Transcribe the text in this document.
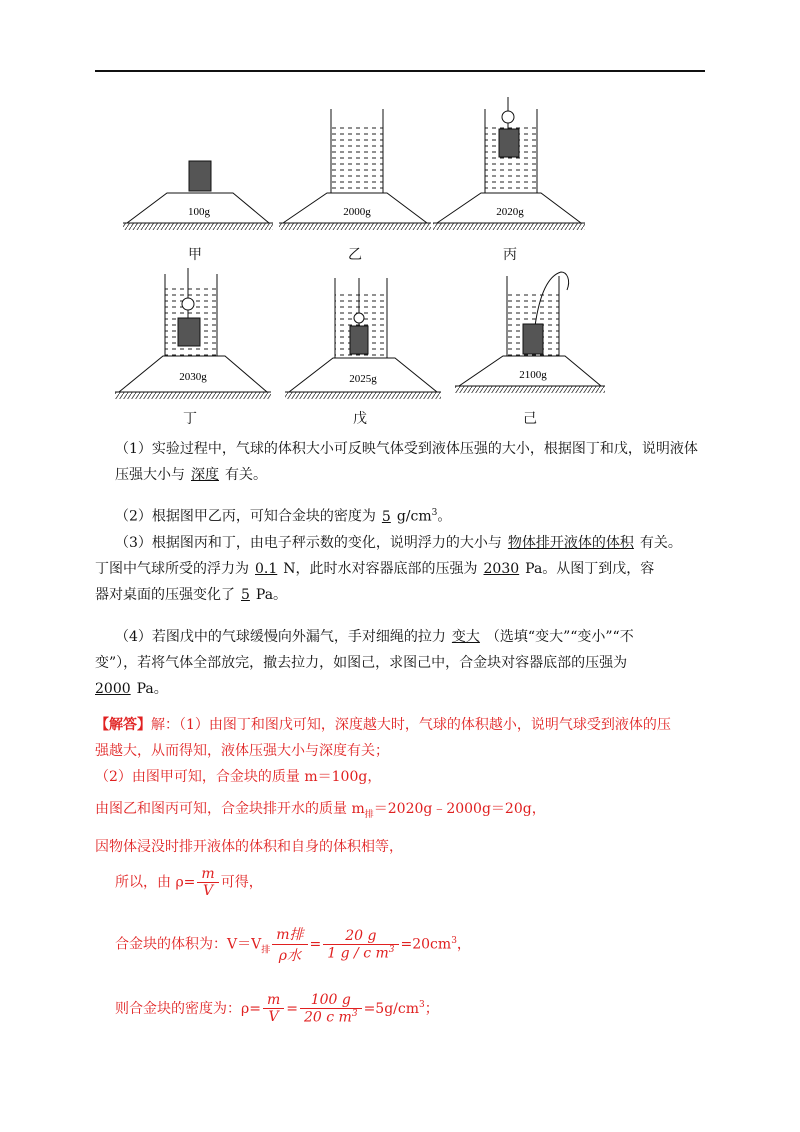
100g	2000g	2020g
甲	乙	丙
2030g	2025g	2100g
丁	戊	己
（1）实验过程中，气球的体积大小可反映气体受到液体压强的大小，根据图丁和戊，说明液体
压强大小与 深度 有关。
（2）根据图甲乙丙，可知合金块的密度为 5 $g/cm^3$。
（3）根据图丙和丁，由电子秤示数的变化，说明浮力的大小与 物体排开液体的体积 有关。
丁图中气球所受的浮力为 0.1 N，此时水对容器底部的压强为 2030 Pa。从图丁到戊，容
器对桌面的压强变化了 5 Pa。
（4）若图戊中的气球缓慢向外漏气，手对细绳的拉力 变大 （选填“变大”“变小”“不
变”），若将气体全部放完，撤去拉力，如图己，求图己中，合金块对容器底部的压强为
2000 Pa。
【解答】解：（1）由图丁和图戊可知，深度越大时，气球的体积越小，说明气球受到液体的压
强越大，从而得知，液体压强大小与深度有关；
（2）由图甲可知，合金块的质量 m＝100g，
由图乙和图丙可知，合金块排开水的质量 $m_排=2020g﹣2000g=20g$，
因物体浸没时排开液体的体积和自身的体积相等，
所以，由 $\rho= \frac{m}{V}$ 可得，
合金块的体积为：$V=V_排 \frac{\text{m排}}{\text{ρ水}} = \frac{20 g}{1 g / c m^3} =20cm^3$，
则合金块的密度为：$\rho= \frac{m}{V} = \frac{100 g}{20 c m^3} =5g/cm^3$；
